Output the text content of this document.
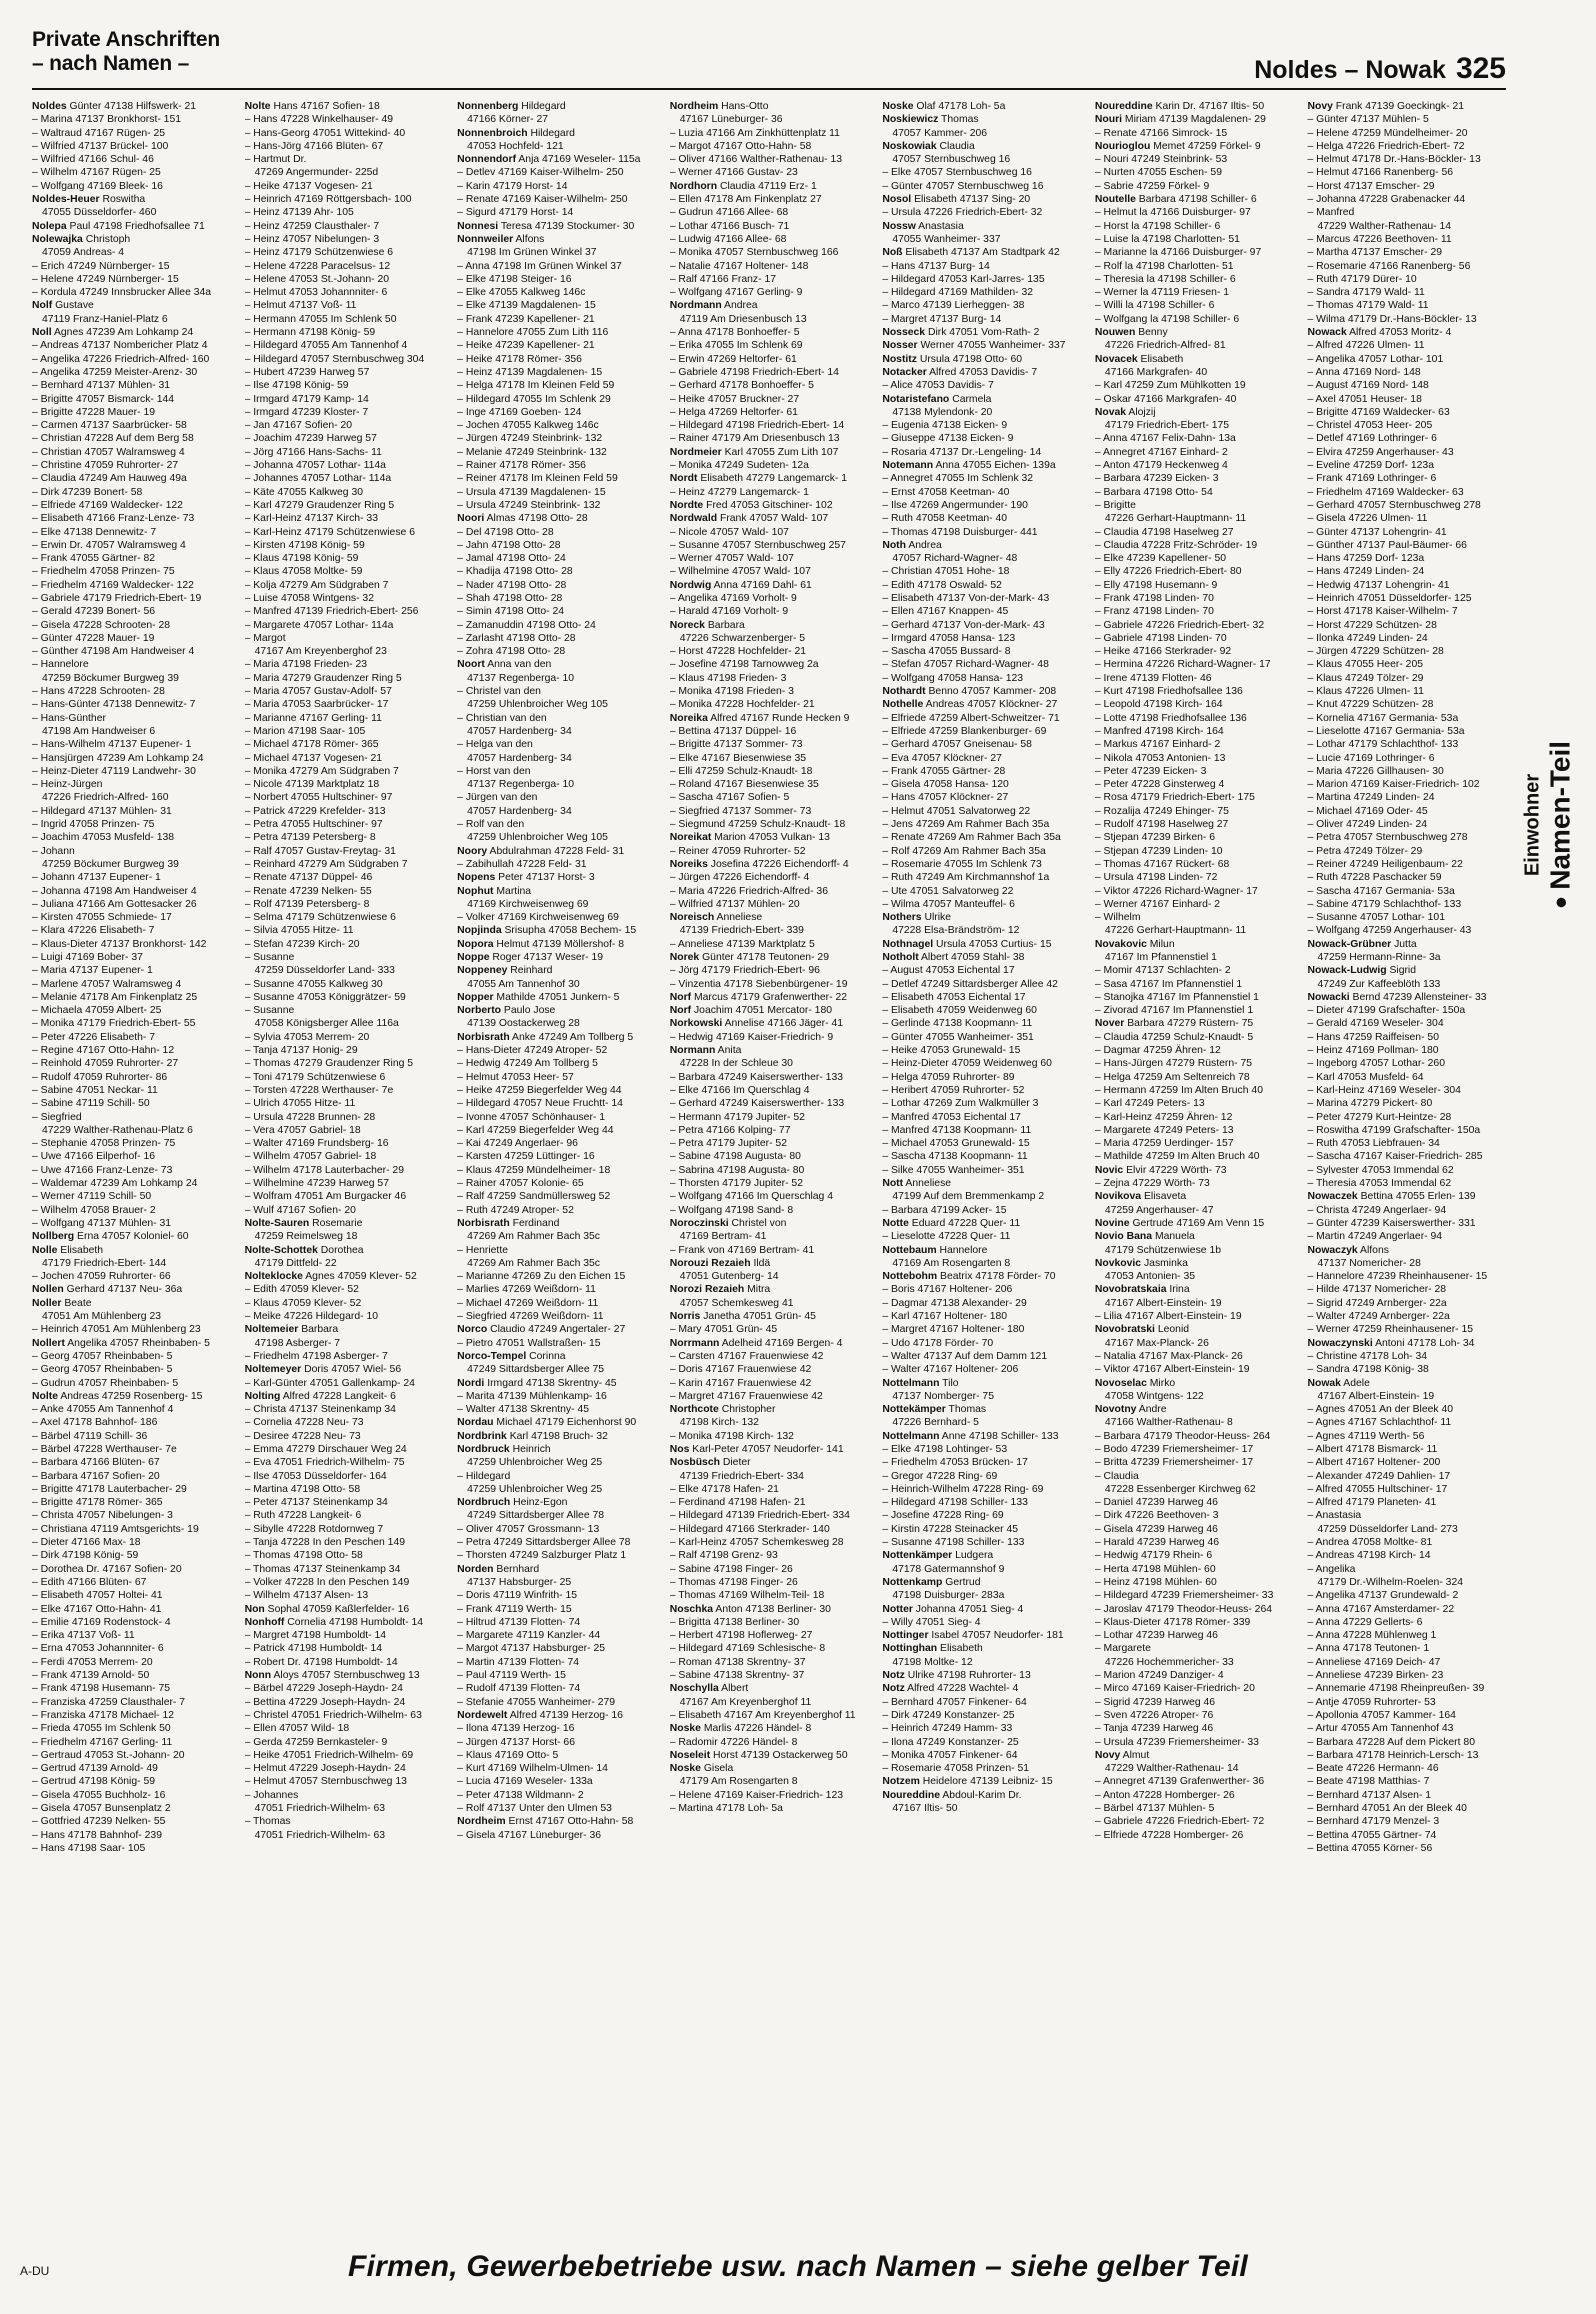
Private Anschriften
– nach Namen –	Noldes – Nowak 325
Noldes Günter 47138 Hilfswerk- 21
– Marina 47137 Bronkhorst- 151
– Waltraud 47167 Rügen- 25
– Wilfried 47137 Brückel- 100
– Wilfried 47166 Schul- 46
– Wilhelm 47167 Rügen- 25
– Wolfgang 47169 Bleek- 16
Noldes-Heuer Roswitha
47055 Düsseldorfer- 460
Nolepa Paul 47198 Friedhofsallee 71
Nolewajka Christoph
47059 Andreas- 4
– Erich 47249 Nürnberger- 15
– Helene 47249 Nürnberger- 15
– Kordula 47249 Innsbrucker Allee 34a
Nolf Gustave
47119 Franz-Haniel-Platz 6
Noll Agnes 47239 Am Lohkamp 24
– Andreas 47137 Nombericher Platz 4
– Angelika 47226 Friedrich-Alfred- 160
– Angelika 47259 Meister-Arenz- 30
– Bernhard 47137 Mühlen- 31
– Brigitte 47057 Bismarck- 144
– Brigitte 47228 Mauer- 19
– Carmen 47137 Saarbrücker- 58
– Christian 47228 Auf dem Berg 58
– Christian 47057 Walramsweg 4
– Christine 47059 Ruhrorter- 27
– Claudia 47249 Am Hauweg 49a
– Dirk 47239 Bonert- 58
– Elfriede 47169 Waldecker- 122
– Elisabeth 47166 Franz-Lenze- 73
– Elke 47138 Dennewitz- 7
– Erwin Dr. 47057 Walramsweg 4
– Frank 47055 Gärtner- 82
– Friedhelm 47058 Prinzen- 75
– Friedhelm 47169 Waldecker- 122
– Gabriele 47179 Friedrich-Ebert- 19
– Gerald 47239 Bonert- 56
– Gisela 47228 Schrooten- 28
– Günter 47228 Mauer- 19
– Günther 47198 Am Handweiser 4
– Hannelore
47259 Böckumer Burgweg 39
– Hans 47228 Schrooten- 28
– Hans-Günter 47138 Dennewitz- 7
– Hans-Günther
47198 Am Handweiser 6
– Hans-Wilhelm 47137 Eupener- 1
– Hansjürgen 47239 Am Lohkamp 24
– Heinz-Dieter 47119 Landwehr- 30
– Heinz-Jürgen
47226 Friedrich-Alfred- 160
– Hildegard 47137 Mühlen- 31
– Ingrid 47058 Prinzen- 75
– Joachim 47053 Musfeld- 138
– Johann
47259 Böckumer Burgweg 39
– Johann 47137 Eupener- 1
– Johanna 47198 Am Handweiser 4
– Juliana 47166 Am Gottesacker 26
– Kirsten 47055 Schmiede- 17
– Klara 47226 Elisabeth- 7
– Klaus-Dieter 47137 Bronkhorst- 142
– Luigi 47169 Bober- 37
– Maria 47137 Eupener- 1
– Marlene 47057 Walramsweg 4
– Melanie 47178 Am Finkenplatz 25
– Michaela 47059 Albert- 25
– Monika 47179 Friedrich-Ebert- 55
– Peter 47226 Elisabeth- 7
– Regine 47167 Otto-Hahn- 12
– Reinhold 47059 Ruhrorter- 27
– Rudolf 47059 Ruhrorter- 86
– Sabine 47051 Neckar- 11
– Sabine 47119 Schill- 50
– Siegfried
47229 Walther-Rathenau-Platz 6
– Stephanie 47058 Prinzen- 75
– Uwe 47166 Eilperhof- 16
– Uwe 47166 Franz-Lenze- 73
– Waldemar 47239 Am Lohkamp 24
– Werner 47119 Schill- 50
– Wilhelm 47058 Brauer- 2
– Wolfgang 47137 Mühlen- 31
Nollberg Erna 47057 Koloniel- 60
Nolle Elisabeth
47179 Friedrich-Ebert- 144
– Jochen 47059 Ruhrorter- 66
Nollen Gerhard 47137 Neu- 36a
Noller Beate
47051 Am Mühlenberg 23
– Heinrich 47051 Am Mühlenberg 23
Nollert Angelika 47057 Rheinbaben- 5
– Georg 47057 Rheinbaben- 5
– Georg 47057 Rheinbaben- 5
– Gudrun 47057 Rheinbaben- 5
Nolte Andreas 47259 Rosenberg- 15
– Anke 47055 Am Tannenhof 4
– Axel 47178 Bahnhof- 186
– Bärbel 47119 Schill- 36
– Bärbel 47228 Werthauser- 7e
– Barbara 47166 Blüten- 67
– Barbara 47167 Sofien- 20
– Brigitte 47178 Lauterbacher- 29
– Brigitte 47178 Römer- 365
– Christa 47057 Nibelungen- 3
– Christiana 47119 Amtsgerichts- 19
– Dieter 47166 Max- 18
– Dirk 47198 König- 59
– Dorothea Dr. 47167 Sofien- 20
– Edith 47166 Blüten- 67
– Elisabeth 47057 Holtei- 41
– Elke 47167 Otto-Hahn- 41
– Emilie 47169 Rodenstock- 4
– Erika 47137 Voß- 11
– Erna 47053 Johannniter- 6
– Ferdi 47053 Merrem- 20
– Frank 47139 Arnold- 50
– Frank 47198 Husemann- 75
– Franziska 47259 Clausthaler- 7
– Franziska 47178 Michael- 12
– Frieda 47055 Im Schlenk 50
– Friedhelm 47167 Gerling- 11
– Gertraud 47053 St.-Johann- 20
– Gertrud 47139 Arnold- 49
– Gertrud 47198 König- 59
– Gisela 47055 Buchholz- 16
– Gisela 47057 Bunsenplatz 2
– Gottfried 47239 Nelken- 55
– Hans 47178 Bahnhof- 239
– Hans 47198 Saar- 105
Nolte Hans 47167 Sofien- 18
– Hans 47228 Winkelhauser- 49
– Hans-Georg 47051 Wittekind- 40
– Hans-Jörg 47166 Blüten- 67
– Hartmut Dr.
47269 Angermunder- 225d
– Heike 47137 Vogesen- 21
– Heinrich 47169 Röttgersbach- 100
– Heinz 47139 Ahr- 105
– Heinz 47259 Clausthaler- 7
– Heinz 47057 Nibelungen- 3
– Heinz 47179 Schützenwiese 6
– Helene 47228 Paracelsus- 12
– Helene 47053 St.-Johann- 20
– Helmut 47053 Johannniter- 6
– Helmut 47137 Voß- 11
– Hermann 47055 Im Schlenk 50
– Hermann 47198 König- 59
– Hildegard 47055 Am Tannenhof 4
– Hildegard 47057 Sternbuschweg 304
– Hubert 47239 Harweg 57
– Ilse 47198 König- 59
– Irmgard 47179 Kamp- 14
– Irmgard 47239 Kloster- 7
– Jan 47167 Sofien- 20
– Joachim 47239 Harweg 57
– Jörg 47166 Hans-Sachs- 11
– Johanna 47057 Lothar- 114a
– Johannes 47057 Lothar- 114a
– Käte 47055 Kalkweg 30
– Karl 47279 Graudenzer Ring 5
– Karl-Heinz 47137 Kirch- 33
– Karl-Heinz 47179 Schützenwiese 6
– Kirsten 47198 König- 59
– Klaus 47198 König- 59
– Klaus 47058 Moltke- 59
– Kolja 47279 Am Südgraben 7
– Luise 47058 Wintgens- 32
– Manfred 47139 Friedrich-Ebert- 256
– Margarete 47057 Lothar- 114a
– Margot
47167 Am Kreyenberghof 23
– Maria 47198 Frieden- 23
– Maria 47279 Graudenzer Ring 5
– Maria 47057 Gustav-Adolf- 57
– Maria 47053 Saarbrücker- 17
– Marianne 47167 Gerling- 11
– Marion 47198 Saar- 105
– Michael 47178 Römer- 365
– Michael 47137 Vogesen- 21
– Monika 47279 Am Südgraben 7
– Nicole 47139 Marktplatz 18
– Norbert 47055 Hultschiner- 97
– Patrick 47229 Krefelder- 313
– Petra 47055 Hultschiner- 97
– Petra 47139 Petersberg- 8
– Ralf 47057 Gustav-Freytag- 31
– Reinhard 47279 Am Südgraben 7
– Renate 47137 Düppel- 46
– Renate 47239 Nelken- 55
– Rolf 47139 Petersberg- 8
– Selma 47179 Schützenwiese 6
– Silvia 47055 Hitze- 11
– Stefan 47239 Kirch- 20
– Susanne
47259 Düsseldorfer Land- 333
– Susanne 47055 Kalkweg 30
– Susanne 47053 Königgrätzer- 59
– Susanne
47058 Königsberger Allee 116a
– Sylvia 47053 Merrem- 20
– Tanja 47137 Honig- 29
– Thomas 47279 Graudenzer Ring 5
– Toni 47179 Schützenwiese 6
– Torsten 47228 Werthauser- 7e
– Ulrich 47055 Hitze- 11
– Ursula 47228 Brunnen- 28
– Vera 47057 Gabriel- 18
– Walter 47169 Frundsberg- 16
– Wilhelm 47057 Gabriel- 18
– Wilhelm 47178 Lauterbacher- 29
– Wilhelmine 47239 Harweg 57
– Wolfram 47051 Am Burgacker 46
– Wulf 47167 Sofien- 20
Nolte-Sauren Rosemarie
47259 Reimelsweg 18
Nolte-Schottek Dorothea
47179 Dittfeld- 22
Nolteklocke Agnes 47059 Klever- 52
– Edith 47059 Klever- 52
– Klaus 47059 Klever- 52
– Meike 47226 Hildegard- 10
Noltemeier Barbara
47198 Asberger- 7
– Friedhelm 47198 Asberger- 7
Noltemeyer Doris 47057 Wiel- 56
– Karl-Günter 47051 Gallenkamp- 24
Nolting Alfred 47228 Langkeit- 6
– Christa 47137 Steinenkamp 34
– Cornelia 47228 Neu- 73
– Desiree 47228 Neu- 73
– Emma 47279 Dirschauer Weg 24
– Eva 47051 Friedrich-Wilhelm- 75
– Ilse 47053 Düsseldorfer- 164
– Martina 47198 Otto- 58
– Peter 47137 Steinenkamp 34
– Ruth 47228 Langkeit- 6
– Sibylle 47228 Rotdornweg 7
– Tanja 47228 In den Peschen 149
– Thomas 47198 Otto- 58
– Thomas 47137 Steinenkamp 34
– Volker 47228 In den Peschen 149
– Wilhelm 47137 Alsen- 13
Non Sophal 47059 Kaßlerfelder- 16
Nonhoff Cornelia 47198 Humboldt- 14
– Margret 47198 Humboldt- 14
– Patrick 47198 Humboldt- 14
– Robert Dr. 47198 Humboldt- 14
Nonn Aloys 47057 Sternbuschweg 13
– Bärbel 47229 Joseph-Haydn- 24
– Bettina 47229 Joseph-Haydn- 24
– Christel 47051 Friedrich-Wilhelm- 63
– Ellen 47057 Wild- 18
– Gerda 47259 Bernkasteler- 9
– Heike 47051 Friedrich-Wilhelm- 69
– Helmut 47229 Joseph-Haydn- 24
– Helmut 47057 Sternbuschweg 13
– Johannes
47051 Friedrich-Wilhelm- 63
– Thomas
47051 Friedrich-Wilhelm- 63
Nonnenberg Hildegard
47166 Körner- 27
Nonnenbroich Hildegard
47053 Hochfeld- 121
Nonnendorf Anja 47169 Weseler- 115a
– Detlev 47169 Kaiser-Wilhelm- 250
– Karin 47179 Horst- 14
– Renate 47169 Kaiser-Wilhelm- 250
– Sigurd 47179 Horst- 14
Nonnesi Teresa 47139 Stockumer- 30
Nonnweiler Alfons
47198 Im Grünen Winkel 37
– Anna 47198 Im Grünen Winkel 37
– Elke 47198 Steiger- 16
– Elke 47055 Kalkweg 146c
– Elke 47139 Magdalenen- 15
– Frank 47239 Kapellener- 21
– Hannelore 47055 Zum Lith 116
– Heike 47239 Kapellener- 21
– Heike 47178 Römer- 356
– Heinz 47139 Magdalenen- 15
– Helga 47178 Im Kleinen Feld 59
– Hildegard 47055 Im Schlenk 29
– Inge 47169 Goeben- 124
– Jochen 47055 Kalkweg 146c
– Jürgen 47249 Steinbrink- 132
– Melanie 47249 Steinbrink- 132
– Rainer 47178 Römer- 356
– Reiner 47178 Im Kleinen Feld 59
– Ursula 47139 Magdalenen- 15
– Ursula 47249 Steinbrink- 132
Noori Almas 47198 Otto- 28
– Del 47198 Otto- 28
– Jahn 47198 Otto- 28
– Jamal 47198 Otto- 24
– Khadija 47198 Otto- 28
– Nader 47198 Otto- 28
– Shah 47198 Otto- 28
– Simin 47198 Otto- 24
– Zamanuddin 47198 Otto- 24
– Zarlasht 47198 Otto- 28
– Zohra 47198 Otto- 28
Noort Anna van den
47137 Regenberga- 10
– Christel van den
47259 Uhlenbroicher Weg 105
– Christian van den
47057 Hardenberg- 34
– Helga van den
47057 Hardenberg- 34
– Horst van den
47137 Regenberga- 10
– Jürgen van den
47057 Hardenberg- 34
– Rolf van den
47259 Uhlenbroicher Weg 105
Noory Abdulrahman 47228 Feld- 31
– Zabihullah 47228 Feld- 31
Nopens Peter 47137 Horst- 3
Nophut Martina
47169 Kirchweisenweg 69
– Volker 47169 Kirchweisenweg 69
Nopjinda Srisupha 47058 Bechem- 15
Nopora Helmut 47139 Möllershof- 8
Noppe Roger 47137 Weser- 19
Noppeney Reinhard
47055 Am Tannenhof 30
Nopper Mathilde 47051 Junkern- 5
Norberto Paulo Jose
47139 Oostackerweg 28
Norbisrath Anke 47249 Am Tollberg 5
– Hans-Dieter 47249 Atroper- 52
– Hedwig 47249 Am Tollberg 5
– Helmut 47053 Heer- 57
– Heike 47259 Biegerfelder Weg 44
– Hildegard 47057 Neue Fruchtt- 14
– Ivonne 47057 Schönhauser- 1
– Karl 47259 Biegerfelder Weg 44
– Kai 47249 Angerlaer- 96
– Karsten 47259 Lüttinger- 16
– Klaus 47259 Mündelheimer- 18
– Rainer 47057 Kolonie- 65
– Ralf 47259 Sandmüllersweg 52
– Ruth 47249 Atroper- 52
Norbisrath Ferdinand
47269 Am Rahmer Bach 35c
– Henriette
47269 Am Rahmer Bach 35c
– Marianne 47269 Zu den Eichen 15
– Marlies 47269 Weißdorn- 11
– Michael 47269 Weißdorn- 11
– Siegfried 47269 Weißdorn- 11
Norco Claudio 47249 Angertaler- 27
– Pietro 47051 Wallstraßen- 15
Norco-Tempel Corinna
47249 Sittardsberger Allee 75
Nordi Irmgard 47138 Skrentny- 45
– Marita 47139 Mühlenkamp- 16
– Walter 47138 Skrentny- 45
Nordau Michael 47179 Eichenhorst 90
Nordbrink Karl 47198 Bruch- 32
Nordbruck Heinrich
47259 Uhlenbroicher Weg 25
– Hildegard
47259 Uhlenbroicher Weg 25
Nordbruch Heinz-Egon
47249 Sittardsberger Allee 78
– Oliver 47057 Grossmann- 13
– Petra 47249 Sittardsberger Allee 78
– Thorsten 47249 Salzburger Platz 1
Norden Bernhard
47137 Habsburger- 25
– Doris 47119 Winfrith- 15
– Frank 47119 Werth- 15
– Hiltrud 47139 Flotten- 74
– Margarete 47119 Kanzler- 44
– Margot 47137 Habsburger- 25
– Martin 47139 Flotten- 74
– Paul 47119 Werth- 15
– Rudolf 47139 Flotten- 74
– Stefanie 47055 Wanheimer- 279
Nordewelt Alfred 47139 Herzog- 16
– Ilona 47139 Herzog- 16
– Jürgen 47137 Horst- 66
– Klaus 47169 Otto- 5
– Kurt 47169 Wilhelm-Ulmen- 14
– Lucia 47169 Weseler- 133a
– Peter 47138 Wildmann- 2
– Rolf 47137 Unter den Ulmen 53
Nordheim Ernst 47167 Otto-Hahn- 58
– Gisela 47167 Lüneburger- 36
Nordheim Hans-Otto
47167 Lüneburger- 36
– Luzia 47166 Am Zinkhüttenplatz 11
– Margot 47167 Otto-Hahn- 58
– Oliver 47166 Walther-Rathenau- 13
– Werner 47166 Gustav- 23
Nordhorn Claudia 47119 Erz- 1
– Ellen 47178 Am Finkenplatz 27
– Gudrun 47166 Allee- 68
– Lothar 47166 Busch- 71
– Ludwig 47166 Allee- 68
– Monika 47057 Sternbuschweg 166
– Natalie 47167 Holtener- 148
– Ralf 47166 Franz- 17
– Wolfgang 47167 Gerling- 9
Nordmann Andrea
47119 Am Driesenbusch 13
– Anna 47178 Bonhoeffer- 5
– Erika 47055 Im Schlenk 69
– Erwin 47269 Heltorfer- 61
– Gabriele 47198 Friedrich-Ebert- 14
– Gerhard 47178 Bonhoeffer- 5
– Heike 47057 Bruckner- 27
– Helga 47269 Heltorfer- 61
– Hildegard 47198 Friedrich-Ebert- 14
– Rainer 47179 Am Driesenbusch 13
Nordmeier Karl 47055 Zum Lith 107
– Monika 47249 Sudeten- 12a
Nordt Elisabeth 47279 Langemarck- 1
– Heinz 47279 Langemarck- 1
Nordte Fred 47053 Gitschiner- 102
Nordwald Frank 47057 Wald- 107
– Nicole 47057 Wald- 107
– Susanne 47057 Sternbuschweg 257
– Werner 47057 Wald- 107
– Wilhelmine 47057 Wald- 107
Nordwig Anna 47169 Dahl- 61
– Angelika 47169 Vorholt- 9
– Harald 47169 Vorholt- 9
Noreck Barbara
47226 Schwarzenberger- 5
– Horst 47228 Hochfelder- 21
– Josefine 47198 Tarnowweg 2a
– Klaus 47198 Frieden- 3
– Monika 47198 Frieden- 3
– Monika 47228 Hochfelder- 21
Noreika Alfred 47167 Runde Hecken 9
– Bettina 47137 Düppel- 16
– Brigitte 47137 Sommer- 73
– Elke 47167 Biesenwiese 35
– Elli 47259 Schulz-Knaudt- 18
– Roland 47167 Biesenwiese 35
– Sascha 47167 Sofien- 5
– Siegfried 47137 Sommer- 73
– Siegmund 47259 Schulz-Knaudt- 18
Noreikat Marion 47053 Vulkan- 13
– Reiner 47059 Ruhrorter- 52
Noreiks Josefina 47226 Eichendorff- 4
– Jürgen 47226 Eichendorff- 4
– Maria 47226 Friedrich-Alfred- 36
– Wilfried 47137 Mühlen- 20
Noreisch Anneliese
47139 Friedrich-Ebert- 339
– Anneliese 47139 Marktplatz 5
Norek Günter 47178 Teutonen- 29
– Jörg 47179 Friedrich-Ebert- 96
– Vinzentia 47178 Siebenbürgener- 19
Norf Marcus 47179 Grafenwerther- 22
Norf Joachim 47051 Mercator- 180
Norkowski Annelise 47166 Jäger- 41
– Hedwig 47169 Kaiser-Friedrich- 9
Normann Anita
47228 In der Schleue 30
– Barbara 47249 Kaiserswerther- 133
– Elke 47166 Im Querschlag 4
– Gerhard 47249 Kaiserswerther- 133
– Hermann 47179 Jupiter- 52
– Petra 47166 Kolping- 77
– Petra 47179 Jupiter- 52
– Sabine 47198 Augusta- 80
– Sabrina 47198 Augusta- 80
– Thorsten 47179 Jupiter- 52
– Wolfgang 47166 Im Querschlag 4
– Wolfgang 47198 Sand- 8
Noroczinski Christel von
47169 Bertram- 41
– Frank von 47169 Bertram- 41
Norouzi Rezaieh Ildä
47051 Gutenberg- 14
Norozi Rezaieh Mitra
47057 Schemkesweg 41
Norris Janetha 47051 Grün- 45
– Mary 47051 Grün- 45
Norrmann Adelheid 47169 Bergen- 4
– Carsten 47167 Frauenwiese 42
– Doris 47167 Frauenwiese 42
– Karin 47167 Frauenwiese 42
– Margret 47167 Frauenwiese 42
Northcote Christopher
47198 Kirch- 132
– Monika 47198 Kirch- 132
Nos Karl-Peter 47057 Neudorfer- 141
Nosbüsch Dieter
47139 Friedrich-Ebert- 334
– Elke 47178 Hafen- 21
– Ferdinand 47198 Hafen- 21
– Hildegard 47139 Friedrich-Ebert- 334
– Hildegard 47166 Sterkrader- 140
– Karl-Heinz 47057 Schemkesweg 28
– Ralf 47198 Grenz- 93
– Sabine 47198 Finger- 26
– Thomas 47198 Finger- 26
– Thomas 47169 Wilhelm-Teil- 18
Noschka Anton 47138 Berliner- 30
– Brigitta 47138 Berliner- 30
– Herbert 47198 Hoflerweg- 27
– Hildegard 47169 Schlesische- 8
– Roman 47138 Skrentny- 37
– Sabine 47138 Skrentny- 37
Noschylla Albert
47167 Am Kreyenberghof 11
– Elisabeth 47167 Am Kreyenberghof 11
Noske Marlis 47226 Händel- 8
– Radomir 47226 Händel- 8
Noseleit Horst 47139 Ostackerweg 50
Noske Gisela
47179 Am Rosengarten 8
– Helene 47169 Kaiser-Friedrich- 123
– Martina 47178 Loh- 5a
Noske Olaf 47178 Loh- 5a
Noskiewicz Thomas
47057 Kammer- 206
Noskowiak Claudia
47057 Sternbuschweg 16
– Elke 47057 Sternbuschweg 16
– Günter 47057 Sternbuschweg 16
Nosol Elisabeth 47137 Sing- 20
– Ursula 47226 Friedrich-Ebert- 32
Nossw Anastasia
47055 Wanheimer- 337
Noß Elisabeth 47137 Am Stadtpark 42
– Hans 47137 Burg- 14
– Hildegard 47053 Karl-Jarres- 135
– Hildegard 47169 Mathilden- 32
– Marco 47139 Lierheggen- 38
– Margret 47137 Burg- 14
Nosseck Dirk 47051 Vom-Rath- 2
Nosser Werner 47055 Wanheimer- 337
Nostitz Ursula 47198 Otto- 60
Notacker Alfred 47053 Davidis- 7
– Alice 47053 Davidis- 7
Notaristefano Carmela
47138 Mylendonk- 20
– Eugenia 47138 Eicken- 9
– Giuseppe 47138 Eicken- 9
– Rosaria 47137 Dr.-Lengeling- 14
Notemann Anna 47055 Eichen- 139a
– Annegret 47055 Im Schlenk 32
– Ernst 47058 Keetman- 40
– Ilse 47269 Angermunder- 190
– Ruth 47058 Keetman- 40
– Thomas 47198 Duisburger- 441
Noth Andrea
47057 Richard-Wagner- 48
– Christian 47051 Hohe- 18
– Edith 47178 Oswald- 52
– Elisabeth 47137 Von-der-Mark- 43
– Ellen 47167 Knappen- 45
– Gerhard 47137 Von-der-Mark- 43
– Irmgard 47058 Hansa- 123
– Sascha 47055 Bussard- 8
– Stefan 47057 Richard-Wagner- 48
– Wolfgang 47058 Hansa- 123
Nothardt Benno 47057 Kammer- 208
Nothelle Andreas 47057 Klöckner- 27
– Elfriede 47259 Albert-Schweitzer- 71
– Elfriede 47259 Blankenburger- 69
– Gerhard 47057 Gneisenau- 58
– Eva 47057 Klöckner- 27
– Frank 47055 Gärtner- 28
– Gisela 47058 Hansa- 120
– Hans 47057 Klöckner- 27
– Helmut 47051 Salvatorweg 22
– Jens 47269 Am Rahmer Bach 35a
– Renate 47269 Am Rahmer Bach 35a
– Rolf 47269 Am Rahmer Bach 35a
– Rosemarie 47055 Im Schlenk 73
– Ruth 47249 Am Kirchmannshof 1a
– Ute 47051 Salvatorweg 22
– Wilma 47057 Manteuffel- 6
Nothers Ulrike
47228 Elsa-Brändström- 12
Nothnagel Ursula 47053 Curtius- 15
Notholt Albert 47059 Stahl- 38
– August 47053 Eichental 17
– Detlef 47249 Sittardsberger Allee 42
– Elisabeth 47053 Eichental 17
– Elisabeth 47059 Weidenweg 60
– Gerlinde 47138 Koopmann- 11
– Günter 47055 Wanheimer- 351
– Heike 47053 Grunewald- 15
– Heinz-Dieter 47059 Weidenweg 60
– Helga 47059 Ruhrorter- 89
– Heribert 47059 Ruhrorter- 52
– Lothar 47269 Zum Walkmüller 3
– Manfred 47053 Eichental 17
– Manfred 47138 Koopmann- 11
– Michael 47053 Grunewald- 15
– Sascha 47138 Koopmann- 11
– Silke 47055 Wanheimer- 351
Nott Anneliese
47199 Auf dem Bremmenkamp 2
– Barbara 47199 Acker- 15
Notte Eduard 47228 Quer- 11
– Lieselotte 47228 Quer- 11
Nottebaum Hannelore
47169 Am Rosengarten 8
Nottebohm Beatrix 47178 Förder- 70
– Boris 47167 Holtener- 206
– Dagmar 47138 Alexander- 29
– Karl 47167 Holtener- 180
– Margret 47167 Holtener- 180
– Udo 47178 Förder- 70
– Walter 47137 Auf dem Damm 121
– Walter 47167 Holtener- 206
Nottelmann Tilo
47137 Nomberger- 75
Nottekämper Thomas
47226 Bernhard- 5
Nottelmann Anne 47198 Schiller- 133
– Elke 47198 Lohtinger- 53
– Friedhelm 47053 Brücken- 17
– Gregor 47228 Ring- 69
– Heinrich-Wilhelm 47228 Ring- 69
– Hildegard 47198 Schiller- 133
– Josefine 47228 Ring- 69
– Kirstin 47228 Steinacker 45
– Susanne 47198 Schiller- 133
Nottenkämper Ludgera
47178 Gatermannshof 9
Nottenkamp Gertrud
47198 Duisburger- 283a
Notter Johanna 47051 Sieg- 4
– Willy 47051 Sieg- 4
Nottinger Isabel 47057 Neudorfer- 181
Nottinghan Elisabeth
47198 Moltke- 12
Notz Ulrike 47198 Ruhrorter- 13
Notz Alfred 47228 Wachtel- 4
– Bernhard 47057 Finkener- 64
– Dirk 47249 Konstanzer- 25
– Heinrich 47249 Hamm- 33
– Ilona 47249 Konstanzer- 25
– Monika 47057 Finkener- 64
– Rosemarie 47058 Prinzen- 51
Notzem Heidelore 47139 Leibniz- 15
Noureddine Abdoul-Karim Dr.
47167 Iltis- 50
Noureddine Karin Dr. 47167 Iltis- 50
Nouri Miriam 47139 Magdalenen- 29
– Renate 47166 Simrock- 15
Nourioglou Memet 47259 Förkel- 9
– Nouri 47249 Steinbrink- 53
– Nurten 47055 Eschen- 59
– Sabrie 47259 Förkel- 9
Noutelle Barbara 47198 Schiller- 6
– Helmut la 47166 Duisburger- 97
– Horst la 47198 Schiller- 6
– Luise la 47198 Charlotten- 51
– Marianne la 47166 Duisburger- 97
– Rolf la 47198 Charlotten- 51
– Theresia la 47198 Schiller- 6
– Werner la 47119 Friesen- 1
– Willi la 47198 Schiller- 6
– Wolfgang la 47198 Schiller- 6
Nouwen Benny
47226 Friedrich-Alfred- 81
Novacek Elisabeth
47166 Markgrafen- 40
– Karl 47259 Zum Mühlkotten 19
– Oskar 47166 Markgrafen- 40
Novak Alojzij
47179 Friedrich-Ebert- 175
– Anna 47167 Felix-Dahn- 13a
– Annegret 47167 Einhard- 2
– Anton 47179 Heckenweg 4
– Barbara 47239 Eicken- 3
– Barbara 47198 Otto- 54
– Brigitte
47226 Gerhart-Hauptmann- 11
– Claudia 47198 Haselweg 27
– Claudia 47228 Fritz-Schröder- 19
– Elke 47239 Kapellener- 50
– Elly 47226 Friedrich-Ebert- 80
– Elly 47198 Husemann- 9
– Frank 47198 Linden- 70
– Franz 47198 Linden- 70
– Gabriele 47226 Friedrich-Ebert- 32
– Gabriele 47198 Linden- 70
– Heike 47166 Sterkrader- 92
– Hermina 47226 Richard-Wagner- 17
– Irene 47139 Flotten- 46
– Kurt 47198 Friedhofsallee 136
– Leopold 47198 Kirch- 164
– Lotte 47198 Friedhofsallee 136
– Manfred 47198 Kirch- 164
– Markus 47167 Einhard- 2
– Nikola 47053 Antonien- 13
– Peter 47239 Eicken- 3
– Peter 47228 Ginsterweg 4
– Rosa 47179 Friedrich-Ebert- 175
– Rozalija 47249 Ehinger- 75
– Rudolf 47198 Haselweg 27
– Stjepan 47239 Birken- 6
– Stjepan 47239 Linden- 10
– Thomas 47167 Rückert- 68
– Ursula 47198 Linden- 72
– Viktor 47226 Richard-Wagner- 17
– Werner 47167 Einhard- 2
– Wilhelm
47226 Gerhart-Hauptmann- 11
Novakovic Milun
47167 Im Pfannenstiel 1
– Momir 47137 Schlachten- 2
– Sasa 47167 Im Pfannenstiel 1
– Stanojka 47167 Im Pfannenstiel 1
– Zivorad 47167 Im Pfannenstiel 1
Nover Barbara 47279 Rüstern- 75
– Claudia 47259 Schulz-Knaudt- 5
– Dagmar 47259 Ähren- 12
– Hans-Jürgen 47279 Rüstern- 75
– Helga 47259 Am Seltenreich 78
– Hermann 47259 Im Alten Bruch 40
– Karl 47249 Peters- 13
– Karl-Heinz 47259 Ähren- 12
– Margarete 47249 Peters- 13
– Maria 47259 Uerdinger- 157
– Mathilde 47259 Im Alten Bruch 40
Novic Elvir 47229 Wörth- 73
– Zejna 47229 Wörth- 73
Novikova Elisaveta
47259 Angerhauser- 47
Novine Gertrude 47169 Am Venn 15
Novio Bana Manuela
47179 Schützenwiese 1b
Novkovic Jasminka
47053 Antonien- 35
Novobratskaia Irina
47167 Albert-Einstein- 19
– Lilia 47167 Albert-Einstein- 19
Novobratski Leonid
47167 Max-Planck- 26
– Natalia 47167 Max-Planck- 26
– Viktor 47167 Albert-Einstein- 19
Novoselac Mirko
47058 Wintgens- 122
Novotny Andre
47166 Walther-Rathenau- 8
– Barbara 47179 Theodor-Heuss- 264
– Bodo 47239 Friemersheimer- 17
– Britta 47239 Friemersheimer- 17
– Claudia
47228 Essenberger Kirchweg 62
– Daniel 47239 Harweg 46
– Dirk 47226 Beethoven- 3
– Gisela 47239 Harweg 46
– Harald 47239 Harweg 46
– Hedwig 47179 Rhein- 6
– Herta 47198 Mühlen- 60
– Heinz 47198 Mühlen- 60
– Hildegard 47239 Friemersheimer- 33
– Jaroslav 47179 Theodor-Heuss- 264
– Klaus-Dieter 47178 Römer- 339
– Lothar 47239 Harweg 46
– Margarete
47226 Hochemmericher- 33
– Marion 47249 Danziger- 4
– Mirco 47169 Kaiser-Friedrich- 20
– Sigrid 47239 Harweg 46
– Sven 47226 Atroper- 76
– Tanja 47239 Harweg 46
– Ursula 47239 Friemersheimer- 33
Novy Almut
47229 Walther-Rathenau- 14
– Annegret 47139 Grafenwerther- 36
– Anton 47228 Homberger- 26
– Bärbel 47137 Mühlen- 5
– Gabriele 47226 Friedrich-Ebert- 72
– Elfriede 47228 Homberger- 26
Novy Frank 47139 Goeckingk- 21
– Günter 47137 Mühlen- 5
– Helene 47259 Mündelheimer- 20
– Helga 47226 Friedrich-Ebert- 72
– Helmut 47178 Dr.-Hans-Böckler- 13
– Helmut 47166 Ranenberg- 56
– Horst 47137 Emscher- 29
– Johanna 47228 Grabenacker 44
– Manfred
47229 Walther-Rathenau- 14
– Marcus 47226 Beethoven- 11
– Martha 47137 Emscher- 29
– Rosemarie 47166 Ranenberg- 56
– Ruth 47179 Dürer- 10
– Sandra 47179 Wald- 11
– Thomas 47179 Wald- 11
– Wilma 47179 Dr.-Hans-Böckler- 13
Nowack Alfred 47053 Moritz- 4
– Alfred 47226 Ulmen- 11
– Angelika 47057 Lothar- 101
– Anna 47169 Nord- 148
– August 47169 Nord- 148
– Axel 47051 Heuser- 18
– Brigitte 47169 Waldecker- 63
– Christel 47053 Heer- 205
– Detlef 47169 Lothringer- 6
– Elvira 47259 Angerhauser- 43
– Eveline 47259 Dorf- 123a
– Frank 47169 Lothringer- 6
– Friedhelm 47169 Waldecker- 63
– Gerhard 47057 Sternbuschweg 278
– Gisela 47226 Ulmen- 11
– Günter 47137 Lohengrin- 41
– Günther 47137 Paul-Bäumer- 66
– Hans 47259 Dorf- 123a
– Hans 47249 Linden- 24
– Hedwig 47137 Lohengrin- 41
– Heinrich 47051 Düsseldorfer- 125
– Horst 47178 Kaiser-Wilhelm- 7
– Horst 47229 Schützen- 28
– Ilonka 47249 Linden- 24
– Jürgen 47229 Schützen- 28
– Klaus 47055 Heer- 205
– Klaus 47249 Tölzer- 29
– Klaus 47226 Ulmen- 11
– Knut 47229 Schützen- 28
– Kornelia 47167 Germania- 53a
– Lieselotte 47167 Germania- 53a
– Lothar 47179 Schlachthof- 133
– Lucie 47169 Lothringer- 6
– Maria 47226 Gillhausen- 30
– Marion 47169 Kaiser-Friedrich- 102
– Martina 47249 Linden- 24
– Michael 47169 Oder- 45
– Oliver 47249 Linden- 24
– Petra 47057 Sternbuschweg 278
– Petra 47249 Tölzer- 29
– Reiner 47249 Heiligenbaum- 22
– Ruth 47228 Paschacker 59
– Sascha 47167 Germania- 53a
– Sabine 47179 Schlachthof- 133
– Susanne 47057 Lothar- 101
– Wolfgang 47259 Angerhauser- 43
Nowack-Grübner Jutta
47259 Hermann-Rinne- 3a
Nowack-Ludwig Sigrid
47249 Zur Kaffeeblöth 133
Nowacki Bernd 47239 Allensteiner- 33
– Dieter 47199 Grafschafter- 150a
– Gerald 47169 Weseler- 304
– Hans 47259 Raiffeisen- 50
– Heinz 47169 Pollman- 180
– Ingeborg 47057 Lothar- 260
– Karl 47053 Musfeld- 64
– Karl-Heinz 47169 Weseler- 304
– Marina 47279 Pickert- 80
– Peter 47279 Kurt-Heintze- 28
– Roswitha 47199 Grafschafter- 150a
– Ruth 47053 Liebfrauen- 34
– Sascha 47167 Kaiser-Friedrich- 285
– Sylvester 47053 Immendal 62
– Theresia 47053 Immendal 62
Nowaczek Bettina 47055 Erlen- 139
– Christa 47249 Angerlaer- 94
– Günter 47239 Kaiserswerther- 331
– Martin 47249 Angerlaer- 94
Nowaczyk Alfons
47137 Nomericher- 28
– Hannelore 47239 Rheinhausener- 15
– Hilde 47137 Nomericher- 28
– Sigrid 47249 Arnberger- 22a
– Walter 47249 Arnberger- 22a
– Werner 47259 Rheinhausener- 15
Nowaczynski Antoni 47178 Loh- 34
– Christine 47178 Loh- 34
– Sandra 47198 König- 38
Nowak Adele
47167 Albert-Einstein- 19
– Agnes 47051 An der Bleek 40
– Agnes 47167 Schlachthof- 11
– Agnes 47119 Werth- 56
– Albert 47178 Bismarck- 11
– Albert 47167 Holtener- 200
– Alexander 47249 Dahlien- 17
– Alfred 47055 Hultschiner- 17
– Alfred 47179 Planeten- 41
– Anastasia
47259 Düsseldorfer Land- 273
– Andrea 47058 Moltke- 81
– Andreas 47198 Kirch- 14
– Angelika
47179 Dr.-Wilhelm-Roelen- 324
– Angelika 47137 Grundewald- 2
– Anna 47167 Amsterdamer- 22
– Anna 47229 Gellerts- 6
– Anna 47228 Mühlenweg 1
– Anna 47178 Teutonen- 1
– Anneliese 47169 Deich- 47
– Anneliese 47239 Birken- 23
– Annemarie 47198 Rheinpreußen- 39
– Antje 47059 Ruhrorter- 53
– Apollonia 47057 Kammer- 164
– Artur 47055 Am Tannenhof 43
– Barbara 47228 Auf dem Pickert 80
– Barbara 47178 Heinrich-Lersch- 13
– Beate 47226 Hermann- 46
– Beate 47198 Matthias- 7
– Bernhard 47137 Alsen- 1
– Bernhard 47051 An der Bleek 40
– Bernhard 47179 Menzel- 3
– Bettina 47055 Gärtner- 74
– Bettina 47055 Körner- 56
Einwohner
● Namen-Teil
A-DU	Firmen, Gewerbebetriebe usw. nach Namen – siehe gelber Teil
